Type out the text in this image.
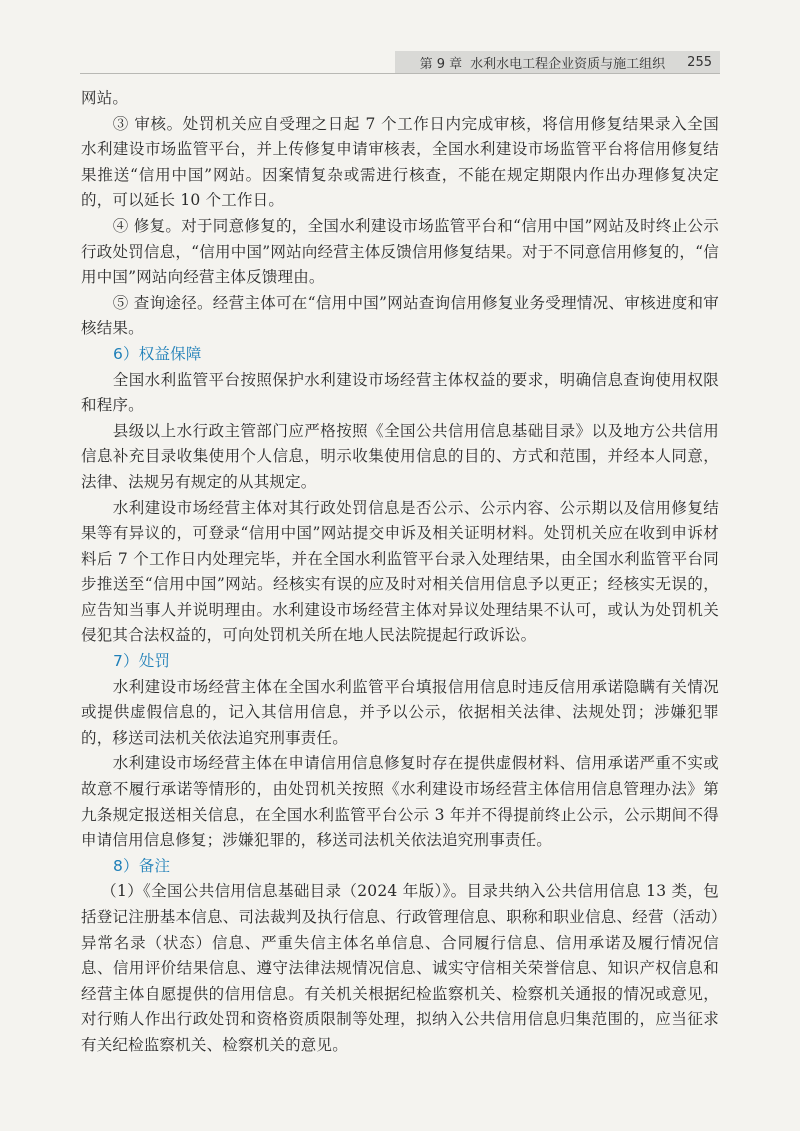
第 9 章 水利水电工程企业资质与施工组织 255

网站。

③ 审核。处罚机关应自受理之日起 7 个工作日内完成审核，将信用修复结果录入全国水利建设市场监管平台，并上传修复申请审核表，全国水利建设市场监管平台将信用修复结果推送“信用中国”网站。因案情复杂或需进行核查，不能在规定期限内作出办理修复决定的，可以延长 10 个工作日。

④ 修复。对于同意修复的，全国水利建设市场监管平台和“信用中国”网站及时终止公示行政处罚信息，“信用中国”网站向经营主体反馈信用修复结果。对于不同意信用修复的，“信用中国”网站向经营主体反馈理由。

⑤ 查询途径。经营主体可在“信用中国”网站查询信用修复业务受理情况、审核进度和审核结果。

6）权益保障

全国水利监管平台按照保护水利建设市场经营主体权益的要求，明确信息查询使用权限和程序。

县级以上水行政主管部门应严格按照《全国公共信用信息基础目录》以及地方公共信用信息补充目录收集使用个人信息，明示收集使用信息的目的、方式和范围，并经本人同意，法律、法规另有规定的从其规定。

水利建设市场经营主体对其行政处罚信息是否公示、公示内容、公示期以及信用修复结果等有异议的，可登录“信用中国”网站提交申诉及相关证明材料。处罚机关应在收到申诉材料后 7 个工作日内处理完毕，并在全国水利监管平台录入处理结果，由全国水利监管平台同步推送至“信用中国”网站。经核实有误的应及时对相关信用信息予以更正；经核实无误的，应告知当事人并说明理由。水利建设市场经营主体对异议处理结果不认可，或认为处罚机关侵犯其合法权益的，可向处罚机关所在地人民法院提起行政诉讼。

7）处罚

水利建设市场经营主体在全国水利监管平台填报信用信息时违反信用承诺隐瞒有关情况或提供虚假信息的，记入其信用信息，并予以公示，依据相关法律、法规处罚；涉嫌犯罪的，移送司法机关依法追究刑事责任。

水利建设市场经营主体在申请信用信息修复时存在提供虚假材料、信用承诺严重不实或故意不履行承诺等情形的，由处罚机关按照《水利建设市场经营主体信用信息管理办法》第九条规定报送相关信息，在全国水利监管平台公示 3 年并不得提前终止公示，公示期间不得申请信用信息修复；涉嫌犯罪的，移送司法机关依法追究刑事责任。

8）备注

（1）《全国公共信用信息基础目录（2024 年版）》。目录共纳入公共信用信息 13 类，包括登记注册基本信息、司法裁判及执行信息、行政管理信息、职称和职业信息、经营（活动）异常名录（状态）信息、严重失信主体名单信息、合同履行信息、信用承诺及履行情况信息、信用评价结果信息、遵守法律法规情况信息、诚实守信相关荣誉信息、知识产权信息和经营主体自愿提供的信用信息。有关机关根据纪检监察机关、检察机关通报的情况或意见，对行贿人作出行政处罚和资格资质限制等处理，拟纳入公共信用信息归集范围的，应当征求有关纪检监察机关、检察机关的意见。
